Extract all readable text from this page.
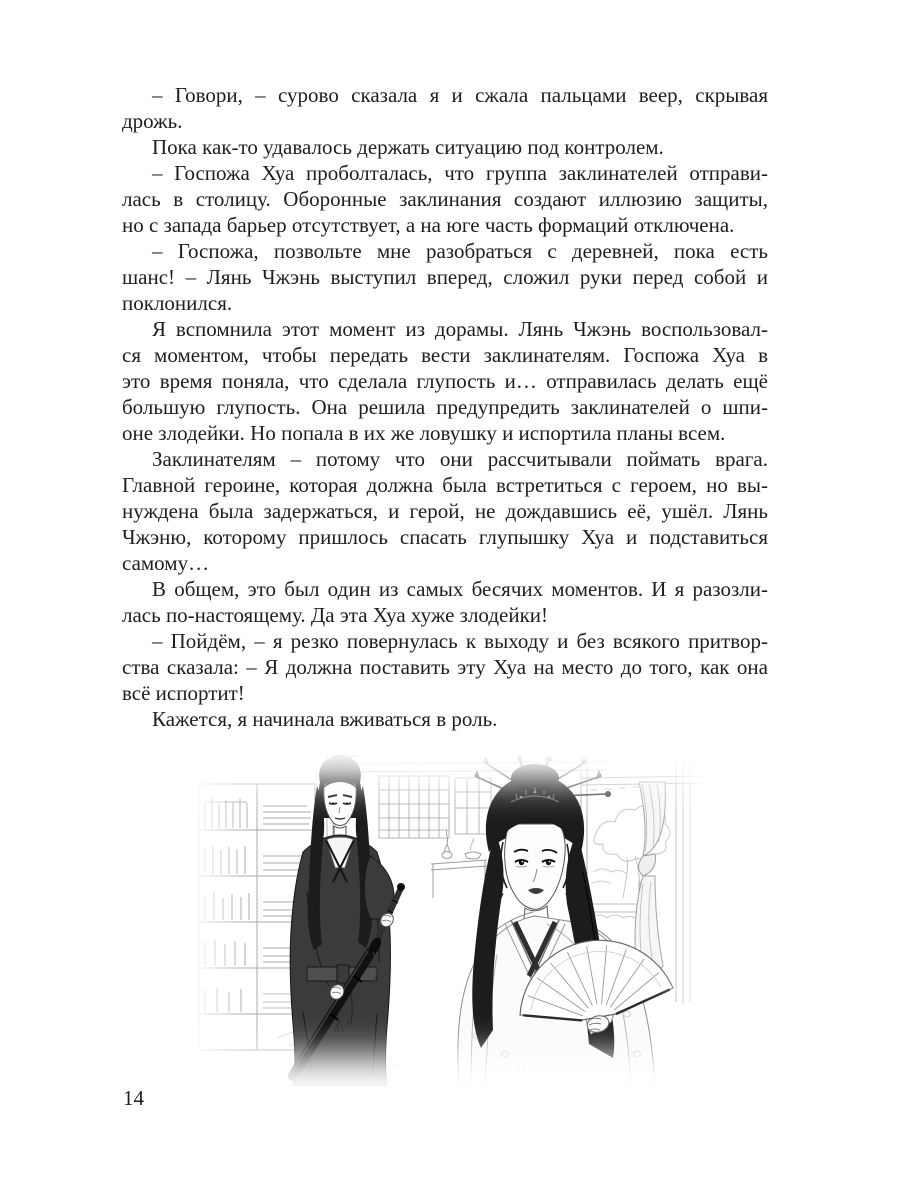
– Говори, – сурово сказала я и сжала пальцами веер, скрывая
дрожь.
Пока как-то удавалось держать ситуацию под контролем.
– Госпожа Хуа проболталась, что группа заклинателей отправи-
лась в столицу. Оборонные заклинания создают иллюзию защиты,
но с запада барьер отсутствует, а на юге часть формаций отключена.
– Госпожа, позвольте мне разобраться с деревней, пока есть
шанс! – Лянь Чжэнь выступил вперед, сложил руки перед собой и
поклонился.
Я вспомнила этот момент из дорамы. Лянь Чжэнь воспользовал-
ся моментом, чтобы передать вести заклинателям. Госпожа Хуа в
это время поняла, что сделала глупость и… отправилась делать ещё
большую глупость. Она решила предупредить заклинателей о шпи-
оне злодейки. Но попала в их же ловушку и испортила планы всем.
Заклинателям – потому что они рассчитывали поймать врага.
Главной героине, которая должна была встретиться с героем, но вы-
нуждена была задержаться, и герой, не дождавшись её, ушёл. Лянь
Чжэню, которому пришлось спасать глупышку Хуа и подставиться
самому…
В общем, это был один из самых бесячих моментов. И я разозли-
лась по-настоящему. Да эта Хуа хуже злодейки!
– Пойдём, – я резко повернулась к выходу и без всякого притвор-
ства сказала: – Я должна поставить эту Хуа на место до того, как она
всё испортит!
Кажется, я начинала вживаться в роль.
14
